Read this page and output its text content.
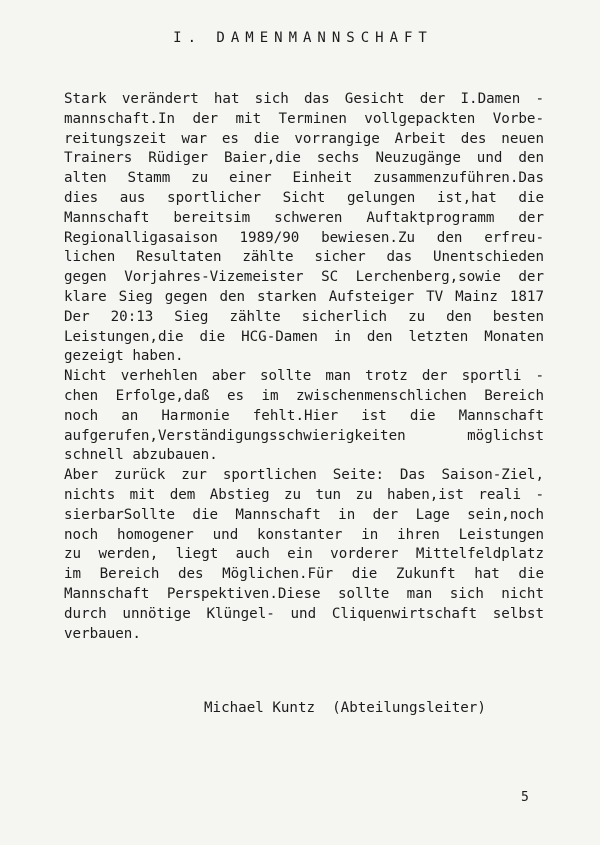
I. DAMENMANNSCHAFT
Stark verändert hat sich das Gesicht der I.Damen -
mannschaft.In der mit Terminen vollgepackten Vorbe-
reitungszeit war es die vorrangige Arbeit des neuen
Trainers Rüdiger Baier,die sechs Neuzugänge und den
alten Stamm zu einer Einheit zusammenzuführen.Das
dies aus sportlicher Sicht gelungen ist,hat die
Mannschaft bereitsim schweren Auftaktprogramm der
Regionalligasaison 1989/90 bewiesen.Zu den erfreu-
lichen Resultaten zählte sicher das Unentschieden
gegen Vorjahres-Vizemeister SC Lerchenberg,sowie der
klare Sieg gegen den starken Aufsteiger TV Mainz 1817
Der 20:13 Sieg zählte sicherlich zu den besten
Leistungen,die die HCG-Damen in den letzten Monaten
gezeigt haben.
Nicht verhehlen aber sollte man trotz der sportli -
chen Erfolge,daß es im zwischenmenschlichen Bereich
noch an Harmonie fehlt.Hier ist die Mannschaft
aufgerufen,Verständigungsschwierigkeiten möglichst
schnell abzubauen.
Aber zurück zur sportlichen Seite: Das Saison-Ziel,
nichts mit dem Abstieg zu tun zu haben,ist reali -
sierbarSollte die Mannschaft in der Lage sein,noch
noch homogener und konstanter in ihren Leistungen
zu werden, liegt auch ein vorderer Mittelfeldplatz
im Bereich des Möglichen.Für die Zukunft hat die
Mannschaft Perspektiven.Diese sollte man sich nicht
durch unnötige Klüngel- und Cliquenwirtschaft selbst
verbauen.
Michael Kuntz  (Abteilungsleiter)
5
